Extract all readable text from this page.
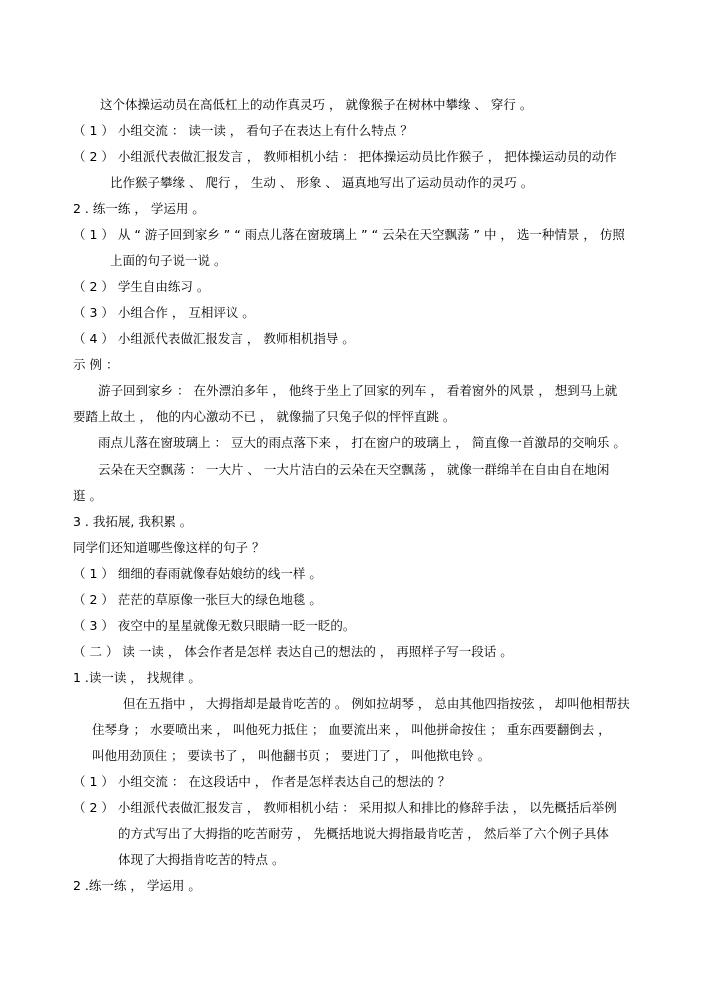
这个体操运动员在高低杠上的动作真灵巧 ， 就像猴子在树林中攀缘 、 穿行 。
（ 1 ） 小组交流 ： 读一读 ， 看句子在表达上有什么特点 ？
（ 2 ） 小组派代表做汇报发言 ， 教师相机小结 ： 把体操运动员比作猴子 ， 把体操运动员的动作
比作猴子攀缘 、 爬行 ， 生动 、 形象 、 逼真地写出了运动员动作的灵巧 。
2 . 练一练 ， 学运用 。
（ 1 ） 从 “ 游子回到家乡 ” “ 雨点儿落在窗玻璃上 ” “ 云朵在天空飘荡 ” 中 ， 选一种情景 ， 仿照
上面的句子说一说 。
（ 2 ） 学生自由练习 。
（ 3 ） 小组合作 ， 互相评议 。
（ 4 ） 小组派代表做汇报发言 ， 教师相机指导 。
示 例 ：
游子回到家乡 ： 在外漂泊多年 ， 他终于坐上了回家的列车 ， 看着窗外的风景 ， 想到马上就
要踏上故土 ， 他的内心激动不已 ， 就像揣了只兔子似的怦怦直跳 。
雨点儿落在窗玻璃上 ： 豆大的雨点落下来 ， 打在窗户的玻璃上 ， 简直像一首激昂的交响乐 。
云朵在天空飘荡 ： 一大片 、 一大片洁白的云朵在天空飘荡 ， 就像一群绵羊在自由自在地闲
逛 。
3 . 我拓展, 我积累 。
同学们还知道哪些像这样的句子 ？
（ 1 ） 细细的春雨就像春姑娘纺的线一样 。
（ 2 ） 茫茫的草原像一张巨大的绿色地毯 。
（ 3 ） 夜空中的星星就像无数只眼睛一眨一眨的。
（ 二 ） 读 一读 ， 体会作者是怎样 表达自己的想法的 ， 再照样子写一段话 。
1 .读一读 ， 找规律 。
但在五指中 ， 大拇指却是最肯吃苦的 。 例如拉胡琴 ， 总由其他四指按弦 ， 却叫他相帮扶
住琴身 ； 水要喷出来 ， 叫他死力抵住 ； 血要流出来 ， 叫他拼命按住 ； 重东西要翻倒去 ，
叫他用劲顶住 ； 要读书了 ， 叫他翻书页 ； 要进门了 ， 叫他揿电铃 。
（ 1 ） 小组交流 ： 在这段话中 ， 作者是怎样表达自己的想法的 ？
（ 2 ） 小组派代表做汇报发言 ， 教师相机小结 ： 采用拟人和排比的修辞手法 ， 以先概括后举例
的方式写出了大拇指的吃苦耐劳 ， 先概括地说大拇指最肯吃苦 ， 然后举了六个例子具体
体现了大拇指肯吃苦的特点 。
2 .练一练 ， 学运用 。
